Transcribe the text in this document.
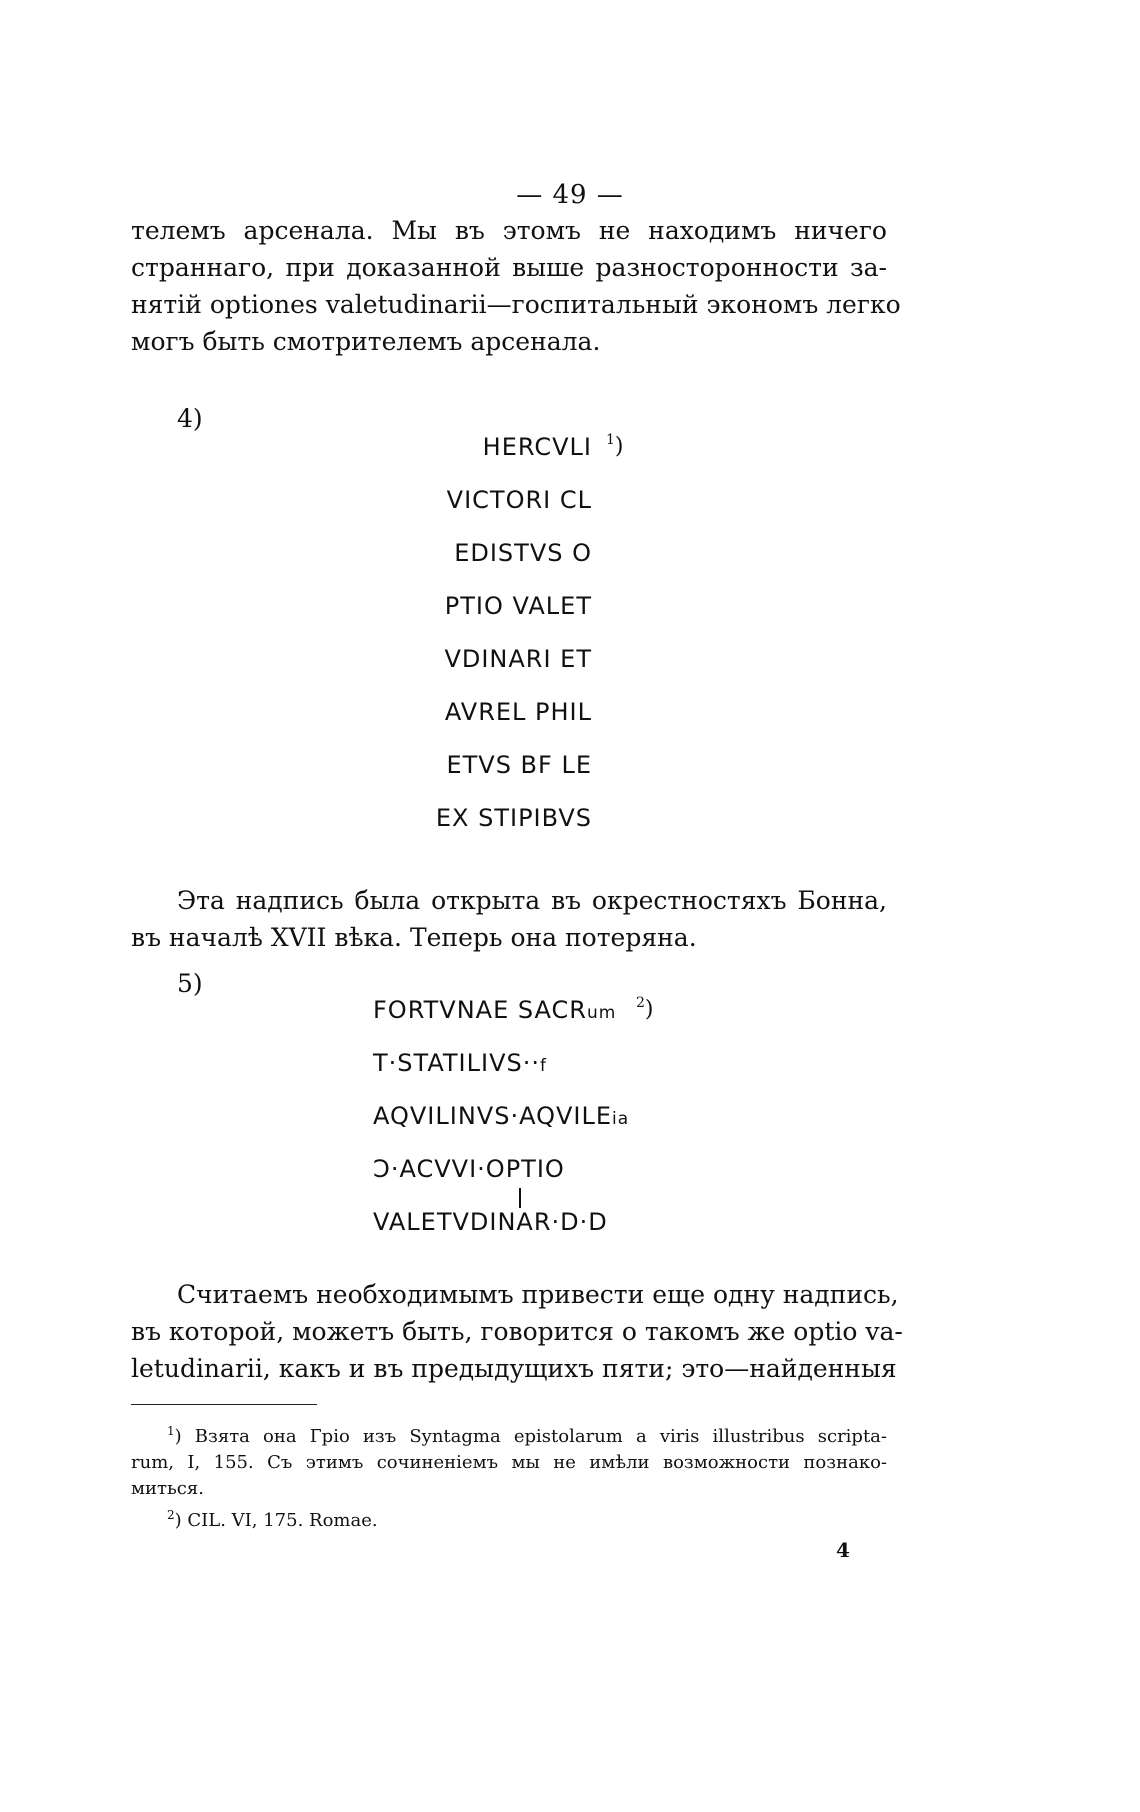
— 49 —
телемъ арсенала. Мы въ этомъ не находимъ ничего
страннаго, при доказанной выше разносторонности за-
нятій optiones valetudinarii—госпитальный экономъ легко
могъ быть смотрителемъ арсенала.
4)
HERCVLI
VICTORI CL
EDISTVS O
PTIO VALET
VDINARI ET
AVREL PHIL
ETVS BF LE
EX STIPIBVS
$^1$)
Эта надпись была открыта въ окрестностяхъ Бонна,
въ началѣ XVII вѣка. Теперь она потеряна.
5)
FORTVNAE SACRum
T·STATILIVS··f
AQVILINVS·AQVILEia
Ɔ·ACVVI·OPTIO
VALETVDINAR·D·D
$^2$)
Считаемъ необходимымъ привести еще одну надпись,
въ которой, можетъ быть, говорится о такомъ же optio va-
letudinarii, какъ и въ предыдущихъ пяти; это—найденныя
$^1$) Взята она Грio изъ Syntagma epistolarum a viris illustribus scripta-
rum, I, 155. Съ этимъ сочиненіемъ мы не имѣли возможности познако-
миться.
$^2$) CIL. VI, 175. Romae.
4
